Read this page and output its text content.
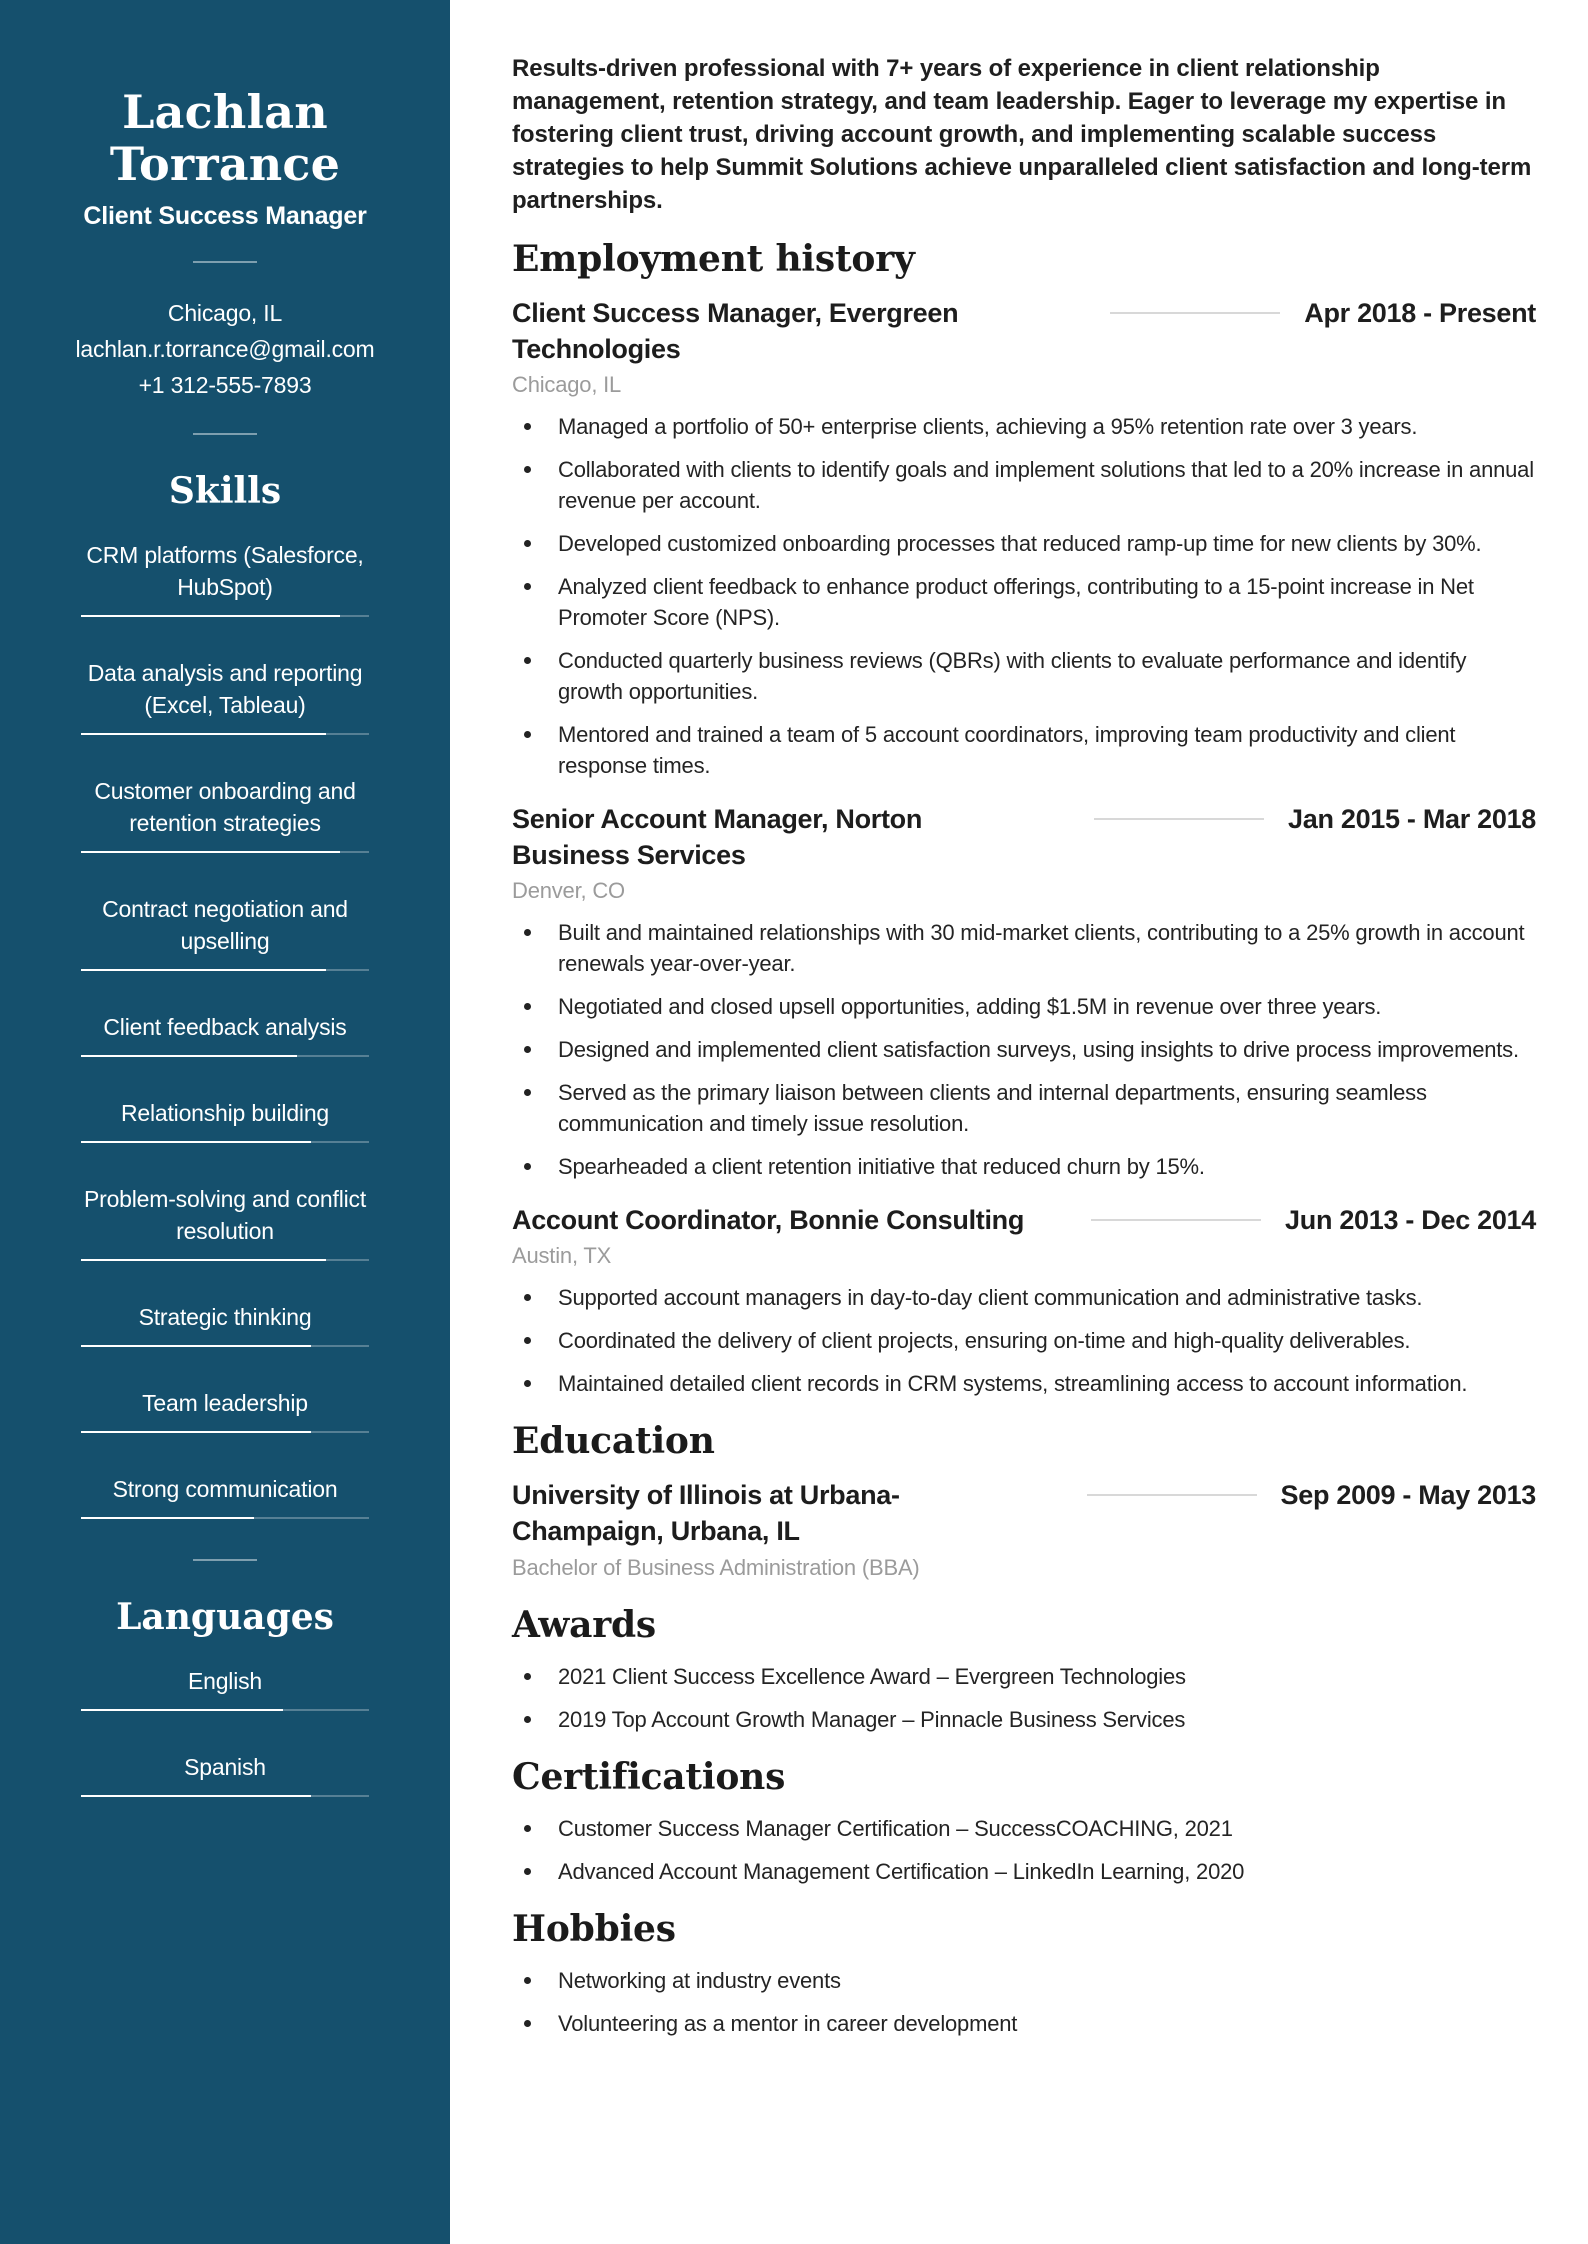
Lachlan Torrance
Client Success Manager
Chicago, IL
lachlan.r.torrance@gmail.com
+1 312-555-7893
Skills
CRM platforms (Salesforce, HubSpot)
Data analysis and reporting (Excel, Tableau)
Customer onboarding and retention strategies
Contract negotiation and upselling
Client feedback analysis
Relationship building
Problem-solving and conflict resolution
Strategic thinking
Team leadership
Strong communication
Languages
English
Spanish

Results-driven professional with 7+ years of experience in client relationship management, retention strategy, and team leadership. Eager to leverage my expertise in fostering client trust, driving account growth, and implementing scalable success strategies to help Summit Solutions achieve unparalleled client satisfaction and long-term partnerships.

Employment history
Client Success Manager, Evergreen Technologies
Apr 2018 - Present
Chicago, IL
Managed a portfolio of 50+ enterprise clients, achieving a 95% retention rate over 3 years.
Collaborated with clients to identify goals and implement solutions that led to a 20% increase in annual revenue per account.
Developed customized onboarding processes that reduced ramp-up time for new clients by 30%.
Analyzed client feedback to enhance product offerings, contributing to a 15-point increase in Net Promoter Score (NPS).
Conducted quarterly business reviews (QBRs) with clients to evaluate performance and identify growth opportunities.
Mentored and trained a team of 5 account coordinators, improving team productivity and client response times.
Senior Account Manager, Norton Business Services
Jan 2015 - Mar 2018
Denver, CO
Built and maintained relationships with 30 mid-market clients, contributing to a 25% growth in account renewals year-over-year.
Negotiated and closed upsell opportunities, adding $1.5M in revenue over three years.
Designed and implemented client satisfaction surveys, using insights to drive process improvements.
Served as the primary liaison between clients and internal departments, ensuring seamless communication and timely issue resolution.
Spearheaded a client retention initiative that reduced churn by 15%.
Account Coordinator, Bonnie Consulting	Jun 2013 - Dec 2014
Austin, TX
Supported account managers in day-to-day client communication and administrative tasks.
Coordinated the delivery of client projects, ensuring on-time and high-quality deliverables.
Maintained detailed client records in CRM systems, streamlining access to account information.
Education
University of Illinois at Urbana-Champaign, Urbana, IL
Sep 2009 - May 2013
Bachelor of Business Administration (BBA)
Awards
2021 Client Success Excellence Award – Evergreen Technologies
2019 Top Account Growth Manager – Pinnacle Business Services
Certifications
Customer Success Manager Certification – SuccessCOACHING, 2021
Advanced Account Management Certification – LinkedIn Learning, 2020
Hobbies
Networking at industry events
Volunteering as a mentor in career development
